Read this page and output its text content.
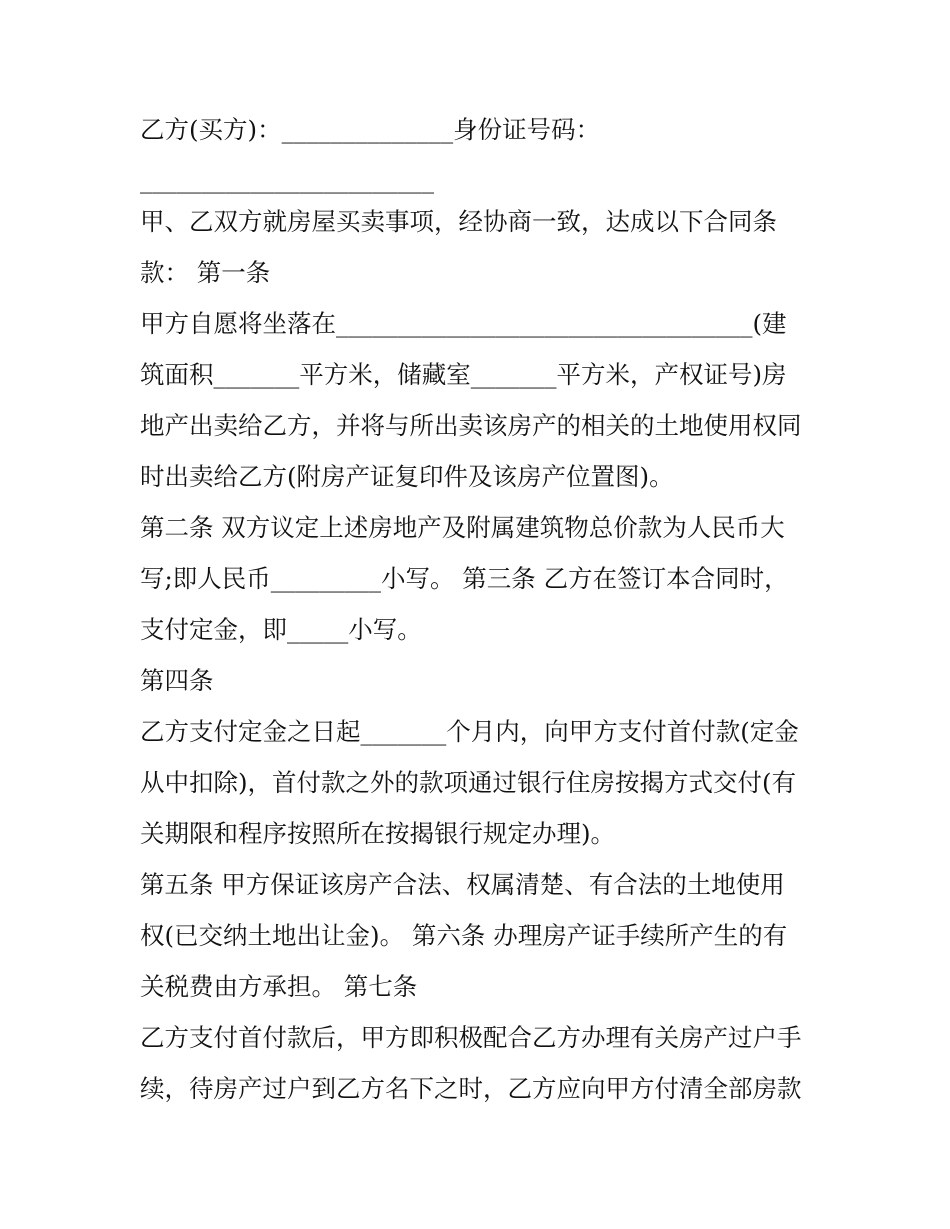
乙方(买方)：______________身份证号码：
________________________
甲、乙双方就房屋买卖事项，经协商一致，达成以下合同条
款： 第一条
甲方自愿将坐落在__________________________________(建
筑面积_______平方米，储藏室_______平方米，产权证号)房
地产出卖给乙方，并将与所出卖该房产的相关的土地使用权同
时出卖给乙方(附房产证复印件及该房产位置图)。
第二条 双方议定上述房地产及附属建筑物总价款为人民币大
写;即人民币_________小写。 第三条 乙方在签订本合同时，
支付定金，即_____小写。
第四条
乙方支付定金之日起_______个月内，向甲方支付首付款(定金
从中扣除)，首付款之外的款项通过银行住房按揭方式交付(有
关期限和程序按照所在按揭银行规定办理)。
第五条 甲方保证该房产合法、权属清楚、有合法的土地使用
权(已交纳土地出让金)。 第六条 办理房产证手续所产生的有
关税费由方承担。 第七条
乙方支付首付款后，甲方即积极配合乙方办理有关房产过户手
续，待房产过户到乙方名下之时，乙方应向甲方付清全部房款
